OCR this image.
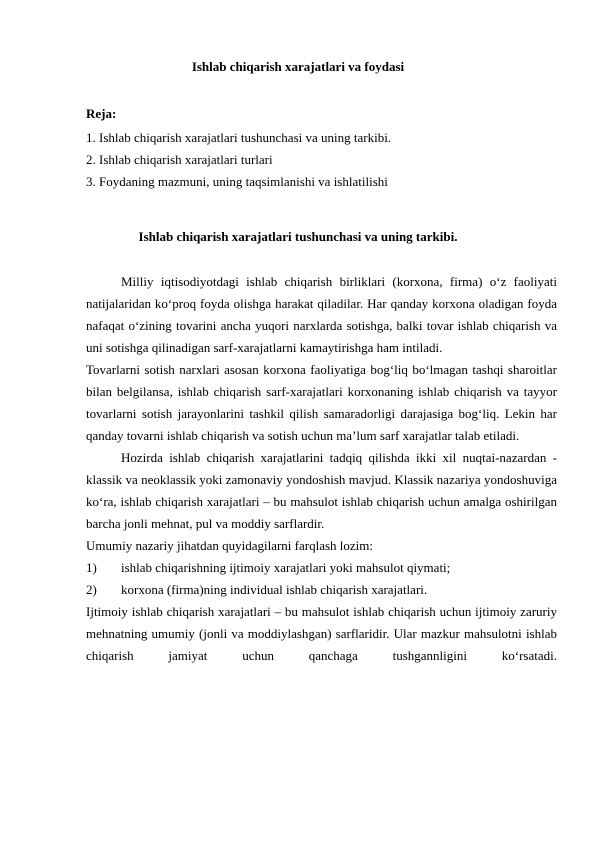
Ishlab chiqarish xarajatlari va foydasi
Reja:
1. Ishlab chiqarish xarajatlari tushunchasi va uning tarkibi.
2. Ishlab chiqarish xarajatlari turlari
3. Foydaning mazmuni, uning taqsimlanishi va ishlatilishi
Ishlab chiqarish xarajatlari tushunchasi va uning tarkibi.

Milliy iqtisodiyotdagi ishlab chiqarish birliklari (korxona, firma) o‘z faoliyati natijalaridan ko‘proq foyda olishga harakat qiladilar. Har qanday korxona oladigan foyda nafaqat o‘zining tovarini ancha yuqori narxlarda sotishga, balki tovar ishlab chiqarish va uni sotishga qilinadigan sarf-xarajatlarni kamaytirishga ham intiladi.

Tovarlarni sotish narxlari asosan korxona faoliyatiga bog‘liq bo‘lmagan tashqi sharoitlar bilan belgilansa, ishlab chiqarish sarf-xarajatlari korxonaning ishlab chiqarish va tayyor tovarlarni sotish jarayonlarini tashkil qilish samaradorligi darajasiga bog‘liq. Lekin har qanday tovarni ishlab chiqarish va sotish uchun ma’lum sarf xarajatlar talab etiladi.

Hozirda ishlab chiqarish xarajatlarini tadqiq qilishda ikki xil nuqtai-nazardan - klassik va neoklassik yoki zamonaviy yondoshish mavjud. Klassik nazariya yondoshuviga ko‘ra, ishlab chiqarish xarajatlari – bu mahsulot ishlab chiqarish uchun amalga oshirilgan barcha jonli mehnat, pul va moddiy sarflardir.

Umumiy nazariy jihatdan quyidagilarni farqlash lozim:

1)	ishlab chiqarishning ijtimoiy xarajatlari yoki mahsulot qiymati;
2)	korxona (firma)ning individual ishlab chiqarish xarajatlari.

Ijtimoiy ishlab chiqarish xarajatlari – bu mahsulot ishlab chiqarish uchun ijtimoiy zaruriy mehnatning umumiy (jonli va moddiylashgan) sarflaridir. Ular mazkur mahsulotni ishlab chiqarish jamiyat uchun qanchaga tushgannligini ko‘rsatadi.
